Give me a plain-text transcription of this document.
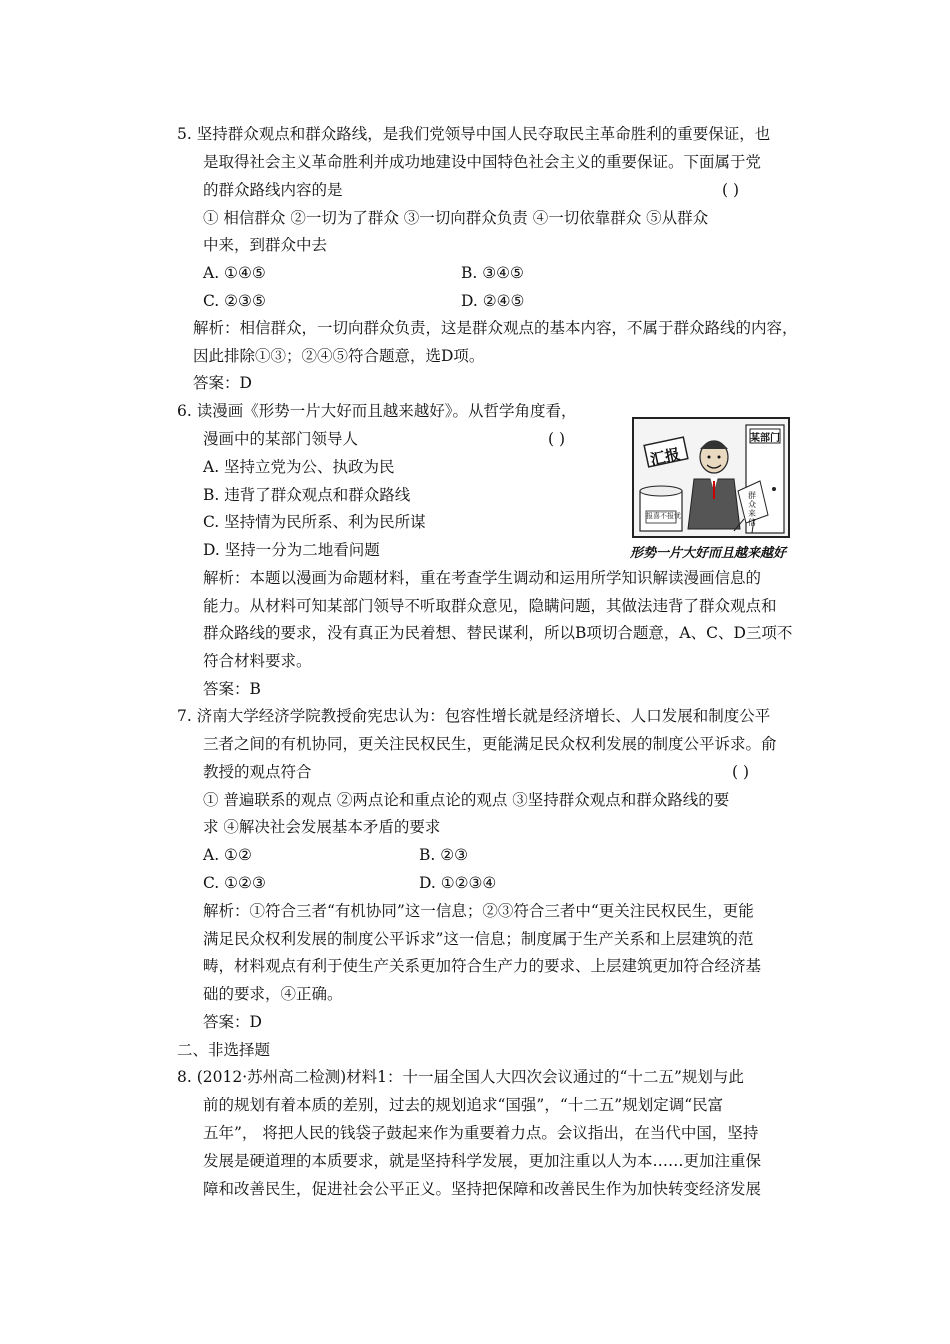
5. 坚持群众观点和群众路线，是我们党领导中国人民夺取民主革命胜利的重要保证，也
是取得社会主义革命胜利并成功地建设中国特色社会主义的重要保证。下面属于党
的群众路线内容的是	( )
① 相信群众 ②一切为了群众 ③一切向群众负责 ④一切依靠群众 ⑤从群众
中来，到群众中去
A. ①④⑤	B. ③④⑤
C. ②③⑤	D. ②④⑤
解析：相信群众，一切向群众负责，这是群众观点的基本内容，不属于群众路线的内容，
因此排除①③；②④⑤符合题意，选D项。
答案：D
6. 读漫画《形势一片大好而且越来越好》。从哲学角度看，
漫画中的某部门领导人	( )
A. 坚持立党为公、执政为民
B. 违背了群众观点和群众路线
C. 坚持情为民所系、利为民所谋
D. 坚持一分为二地看问题
汇报
某部门
报喜不报忧
群众来信
形势一片大好而且越来越好
解析：本题以漫画为命题材料，重在考查学生调动和运用所学知识解读漫画信息的
能力。从材料可知某部门领导不听取群众意见，隐瞒问题，其做法违背了群众观点和
群众路线的要求，没有真正为民着想、替民谋利，所以B项切合题意，A、C、D三项不
符合材料要求。
答案：B
7. 济南大学经济学院教授俞宪忠认为：包容性增长就是经济增长、人口发展和制度公平
三者之间的有机协同，更关注民权民生，更能满足民众权利发展的制度公平诉求。俞
教授的观点符合	( )
① 普遍联系的观点 ②两点论和重点论的观点 ③坚持群众观点和群众路线的要
求 ④解决社会发展基本矛盾的要求
A. ①②	B. ②③
C. ①②③	D. ①②③④
解析：①符合三者“有机协同”这一信息；②③符合三者中“更关注民权民生，更能
满足民众权利发展的制度公平诉求”这一信息；制度属于生产关系和上层建筑的范
畴，材料观点有利于使生产关系更加符合生产力的要求、上层建筑更加符合经济基
础的要求，④正确。
答案：D
二、非选择题
8. (2012·苏州高二检测)材料1：十一届全国人大四次会议通过的“十二五”规划与此
前的规划有着本质的差别，过去的规划追求“国强”，“十二五”规划定调“民富
五年”， 将把人民的钱袋子鼓起来作为重要着力点。会议指出，在当代中国，坚持
发展是硬道理的本质要求，就是坚持科学发展，更加注重以人为本……更加注重保
障和改善民生，促进社会公平正义。坚持把保障和改善民生作为加快转变经济发展
